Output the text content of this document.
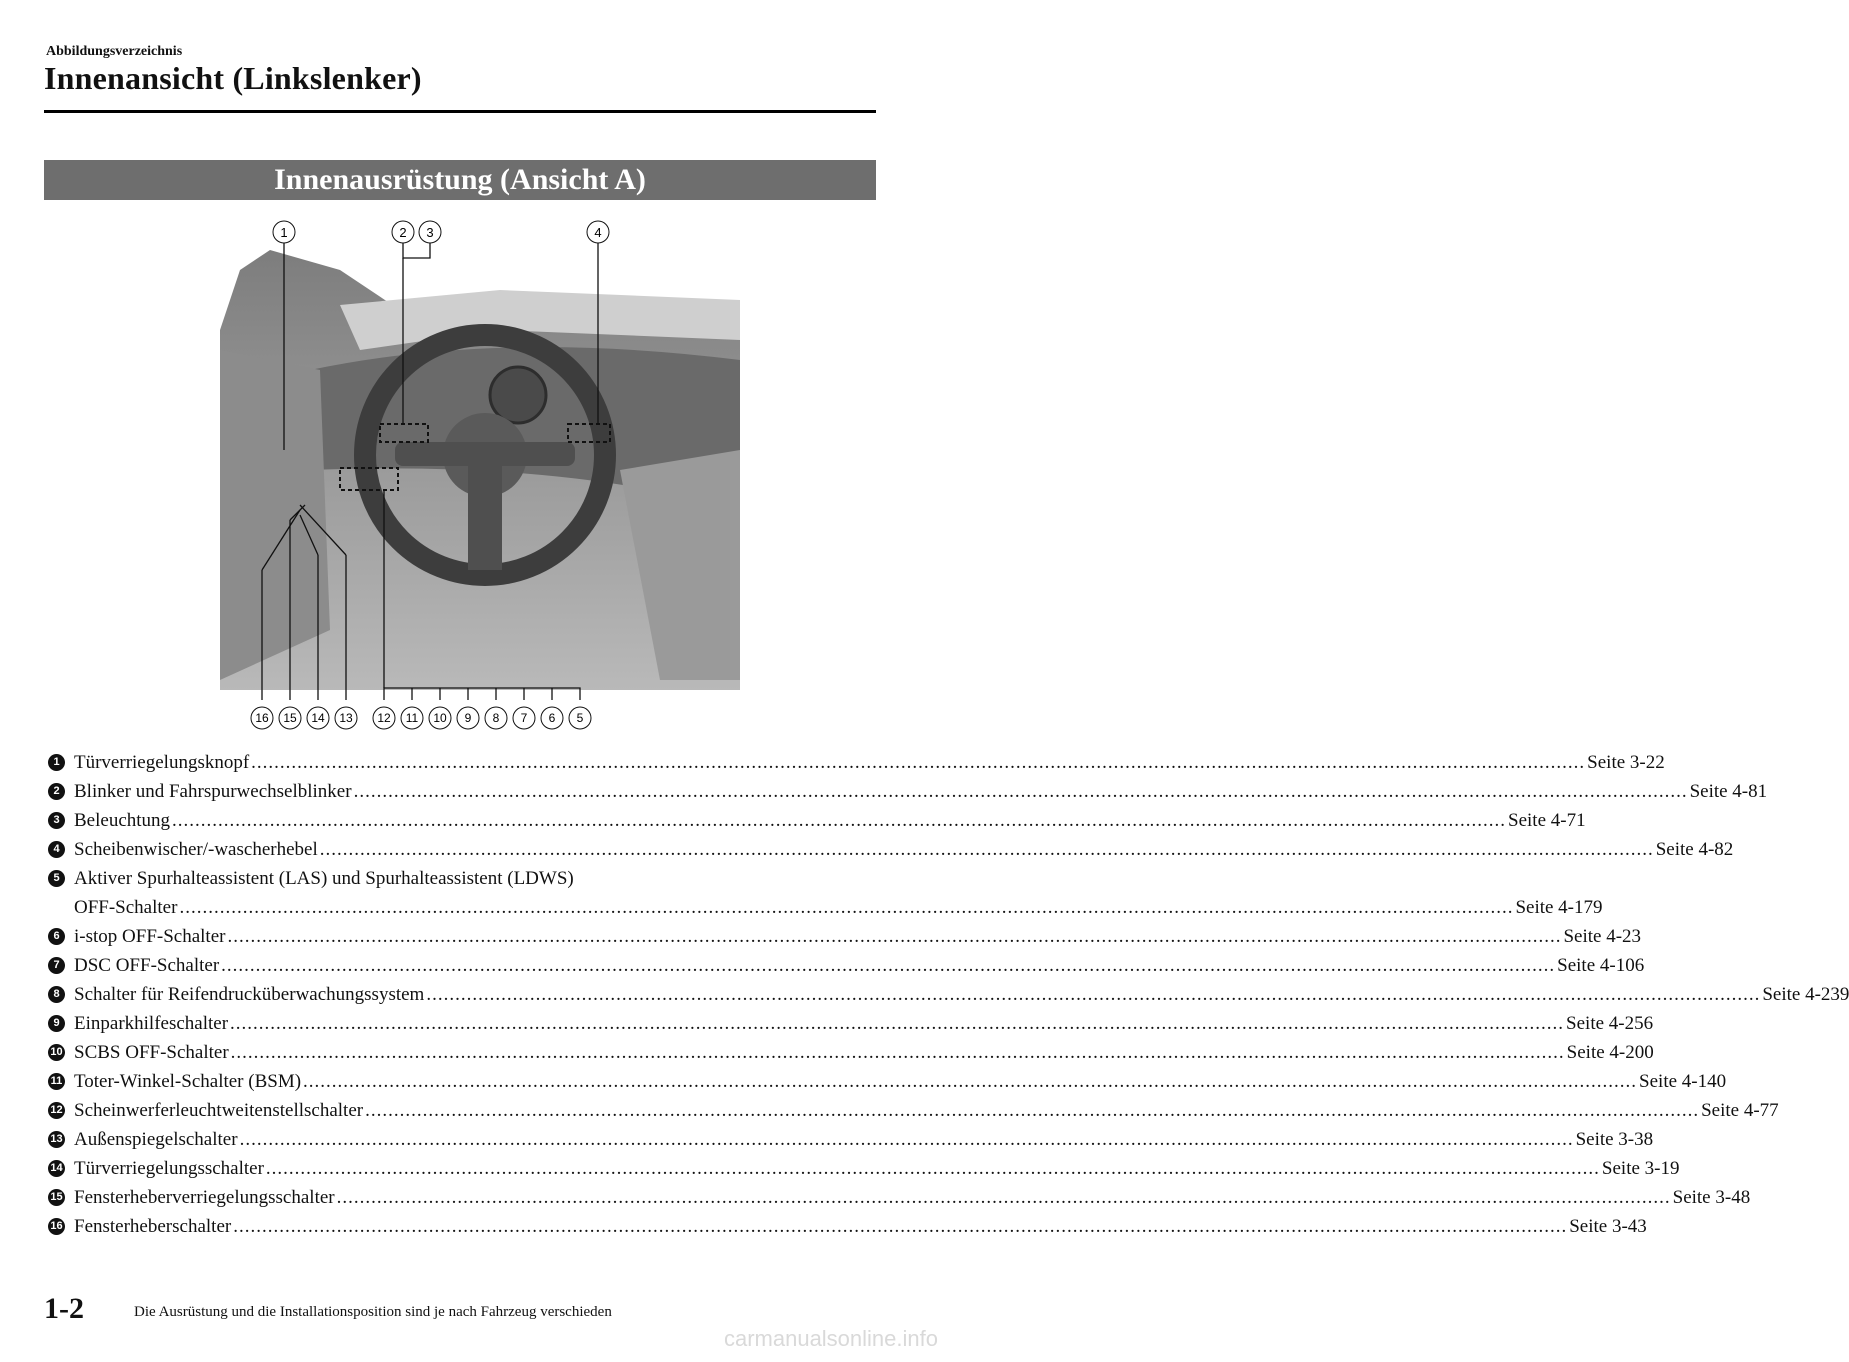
Abbildungsverzeichnis
Innenansicht (Linkslenker)
Innenausrüstung (Ansicht A)
1	2 3	4
16 15 14 13 12 11 10 9 8 7 6 5
1 Türverriegelungsknopf .....	Seite 3-22
2 Blinker und Fahrspurwechselblinker .....	Seite 4-81
3 Beleuchtung .....	Seite 4-71
4 Scheibenwischer/-wascherhebel .....	Seite 4-82
5 Aktiver Spurhalteassistent (LAS) und Spurhalteassistent (LDWS)
OFF-Schalter .....	Seite 4-179
6 i-stop OFF-Schalter .....	Seite 4-23
7 DSC OFF-Schalter .....	Seite 4-106
8 Schalter für Reifendrucküberwachungssystem .....	Seite 4-239
9 Einparkhilfeschalter .....	Seite 4-256
10 SCBS OFF-Schalter .....	Seite 4-200
11 Toter-Winkel-Schalter (BSM) .....	Seite 4-140
12 Scheinwerferleuchtweitenstellschalter .....	Seite 4-77
13 Außenspiegelschalter .....	Seite 3-38
14 Türverriegelungsschalter .....	Seite 3-19
15 Fensterheberverriegelungsschalter .....	Seite 3-48
16 Fensterheberschalter .....	Seite 3-43
1-2	Die Ausrüstung und die Installationsposition sind je nach Fahrzeug verschieden
carmanualsonline.info
